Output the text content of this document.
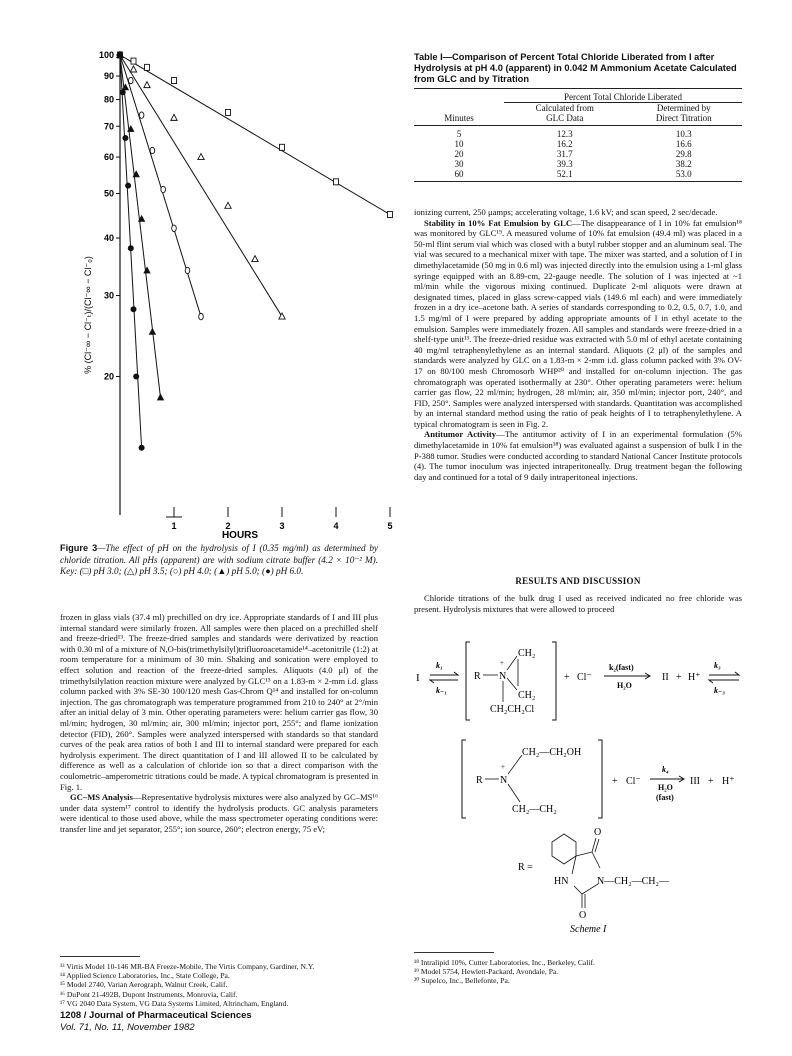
100
90
80
70
60
50
40
30
20
1	2	3	4	5
% (Cl⁻∞ − Cl⁻ₜ)/(Cl⁻∞ − Cl⁻₀)
HOURS
Figure 3—The effect of pH on the hydrolysis of I (0.35 mg/ml) as determined by chloride titration. All pHs (apparent) are with sodium citrate buffer (4.2 × 10⁻² M). Key: (□) pH 3.0; (△) pH 3.5; (○) pH 4.0; (▲) pH 5.0; (●) pH 6.0.

frozen in glass vials (37.4 ml) prechilled on dry ice. Appropriate standards of I and III plus internal standard were similarly frozen. All samples were then placed on a prechilled shelf and freeze-dried¹³. The freeze-dried samples and standards were derivatized by reaction with 0.30 ml of a mixture of N,O-bis(trimethylsilyl)trifluoroacetamide¹⁴–acetonitrile (1:2) at room temperature for a minimum of 30 min. Shaking and sonication were employed to effect solution and reaction of the freeze-dried samples. Aliquots (4.0 μl) of the trimethylsilylation reaction mixture were analyzed by GLC¹⁵ on a 1.83-m × 2-mm i.d. glass column packed with 3% SE-30 100/120 mesh Gas-Chrom Q¹⁴ and installed for on-column injection. The gas chromatograph was temperature programmed from 210 to 240° at 2°/min after an initial delay of 3 min. Other operating parameters were: helium carrier gas flow, 30 ml/min; hydrogen, 30 ml/min; air, 300 ml/min; injector port, 255°; and flame ionization detector (FID), 260°. Samples were analyzed interspersed with standards so that standard curves of the peak area ratios of both I and III to internal standard were prepared for each hydrolysis experiment. The direct quantitation of I and III allowed II to be calculated by difference as well as a calculation of chloride ion so that a direct comparison with the coulometric–amperometric titrations could be made. A typical chromatogram is presented in Fig. 1.

GC–MS Analysis—Representative hydrolysis mixtures were also analyzed by GC–MS¹⁶ under data system¹⁷ control to identify the hydrolysis products. GC analysis parameters were identical to those used above, while the mass spectrometer operating conditions were: transfer line and jet separator, 255°; ion source, 260°; electron energy, 75 eV;

¹³ Virtis Model 10-146 MR-BA Freeze-Mobile, The Virtis Company, Gardiner, N.Y.
¹⁴ Applied Science Laboratories, Inc., State College, Pa.
¹⁵ Model 2740, Varian Aerograph, Walnut Creek, Calif.
¹⁶ DuPont 21-492B, Dupont Instruments, Monrovia, Calif.
¹⁷ VG 2040 Data System, VG Data Systems Limited, Altrincham, England.
1208 / Journal of Pharmaceutical Sciences
Vol. 71, No. 11, November 1982
Table I—Comparison of Percent Total Chloride Liberated from I after Hydrolysis at pH 4.0 (apparent) in 0.042 M Ammonium Acetate Calculated from GLC and by Titration
	Percent Total Chloride Liberated	
	Calculated from	Determined by
Minutes	GLC Data	Direct Titration
5	12.3	10.3
10	16.2	16.6
20	31.7	29.8
30	39.3	38.2
60	52.1	53.0

ionizing current, 250 μamps; accelerating voltage, 1.6 kV; and scan speed, 2 sec/decade.

Stability in 10% Fat Emulsion by GLC—The disappearance of I in 10% fat emulsion¹⁸ was monitored by GLC¹⁹. A measured volume of 10% fat emulsion (49.4 ml) was placed in a 50-ml flint serum vial which was closed with a butyl rubber stopper and an aluminum seal. The vial was secured to a mechanical mixer with tape. The mixer was started, and a solution of I in dimethylacetamide (50 mg in 0.6 ml) was injected directly into the emulsion using a 1-ml glass syringe equipped with an 8.89-cm, 22-gauge needle. The solution of I was injected at ~1 ml/min while the vigorous mixing continued. Duplicate 2-ml aliquots were drawn at designated times, placed in glass screw-capped vials (149.6 ml each) and were immediately frozen in a dry ice–acetone bath. A series of standards corresponding to 0.2, 0.5, 0.7, 1.0, and 1.5 mg/ml of I were prepared by adding appropriate amounts of I in ethyl acetate to the emulsion. Samples were immediately frozen. All samples and standards were freeze-dried in a shelf-type unit¹³. The freeze-dried residue was extracted with 5.0 ml of ethyl acetate containing 40 mg/ml tetraphenylethylene as an internal standard. Aliquots (2 μl) of the samples and standards were analyzed by GLC on a 1.83-m × 2-mm i.d. glass column packed with 3% OV-17 on 80/100 mesh Chromosorb WHP²⁰ and installed for on-column injection. The gas chromatograph was operated isothermally at 230°. Other operating parameters were: helium carrier gas flow, 22 ml/min; hydrogen, 28 ml/min; air, 350 ml/min; injector port, 240°, and FID, 250°. Samples were analyzed interspersed with standards. Quantitation was accomplished by an internal standard method using the ratio of peak heights of I to tetraphenylethylene. A typical chromatogram is seen in Fig. 2.

Antitumor Activity—The antitumor activity of I in an experimental formulation (5% dimethylacetamide in 10% fat emulsion¹⁸) was evaluated against a suspension of bulk I in the P-388 tumor. Studies were conducted according to standard National Cancer Institute protocols (4). The tumor inoculum was injected intraperitoneally. Drug treatment began the following day and continued for a total of 9 daily intraperitoneal injections.

RESULTS AND DISCUSSION

Chloride titrations of the bulk drug I used as received indicated no free chloride was present. Hydrolysis mixtures that were allowed to proceed

I
k₁
k₋₁
R N
+
CH₂
CH₂
CH₂CH₂Cl
+ Cl⁻
k₂(fast)
H₂O
II + H⁺
k₃
k₋₃
R N
+
CH₂—CH₂OH
CH₂—CH₂
+ Cl⁻
k₄
H₂O
(fast)
III + H⁺
R =
O
HN
O
N—CH₂—CH₂—
Scheme I
¹⁸ Intralipid 10%, Cutter Laboratories, Inc., Berkeley, Calif.
¹⁹ Model 5754, Hewlett-Packard, Avondale, Pa.
²⁰ Supelco, Inc., Bellefonte, Pa.
